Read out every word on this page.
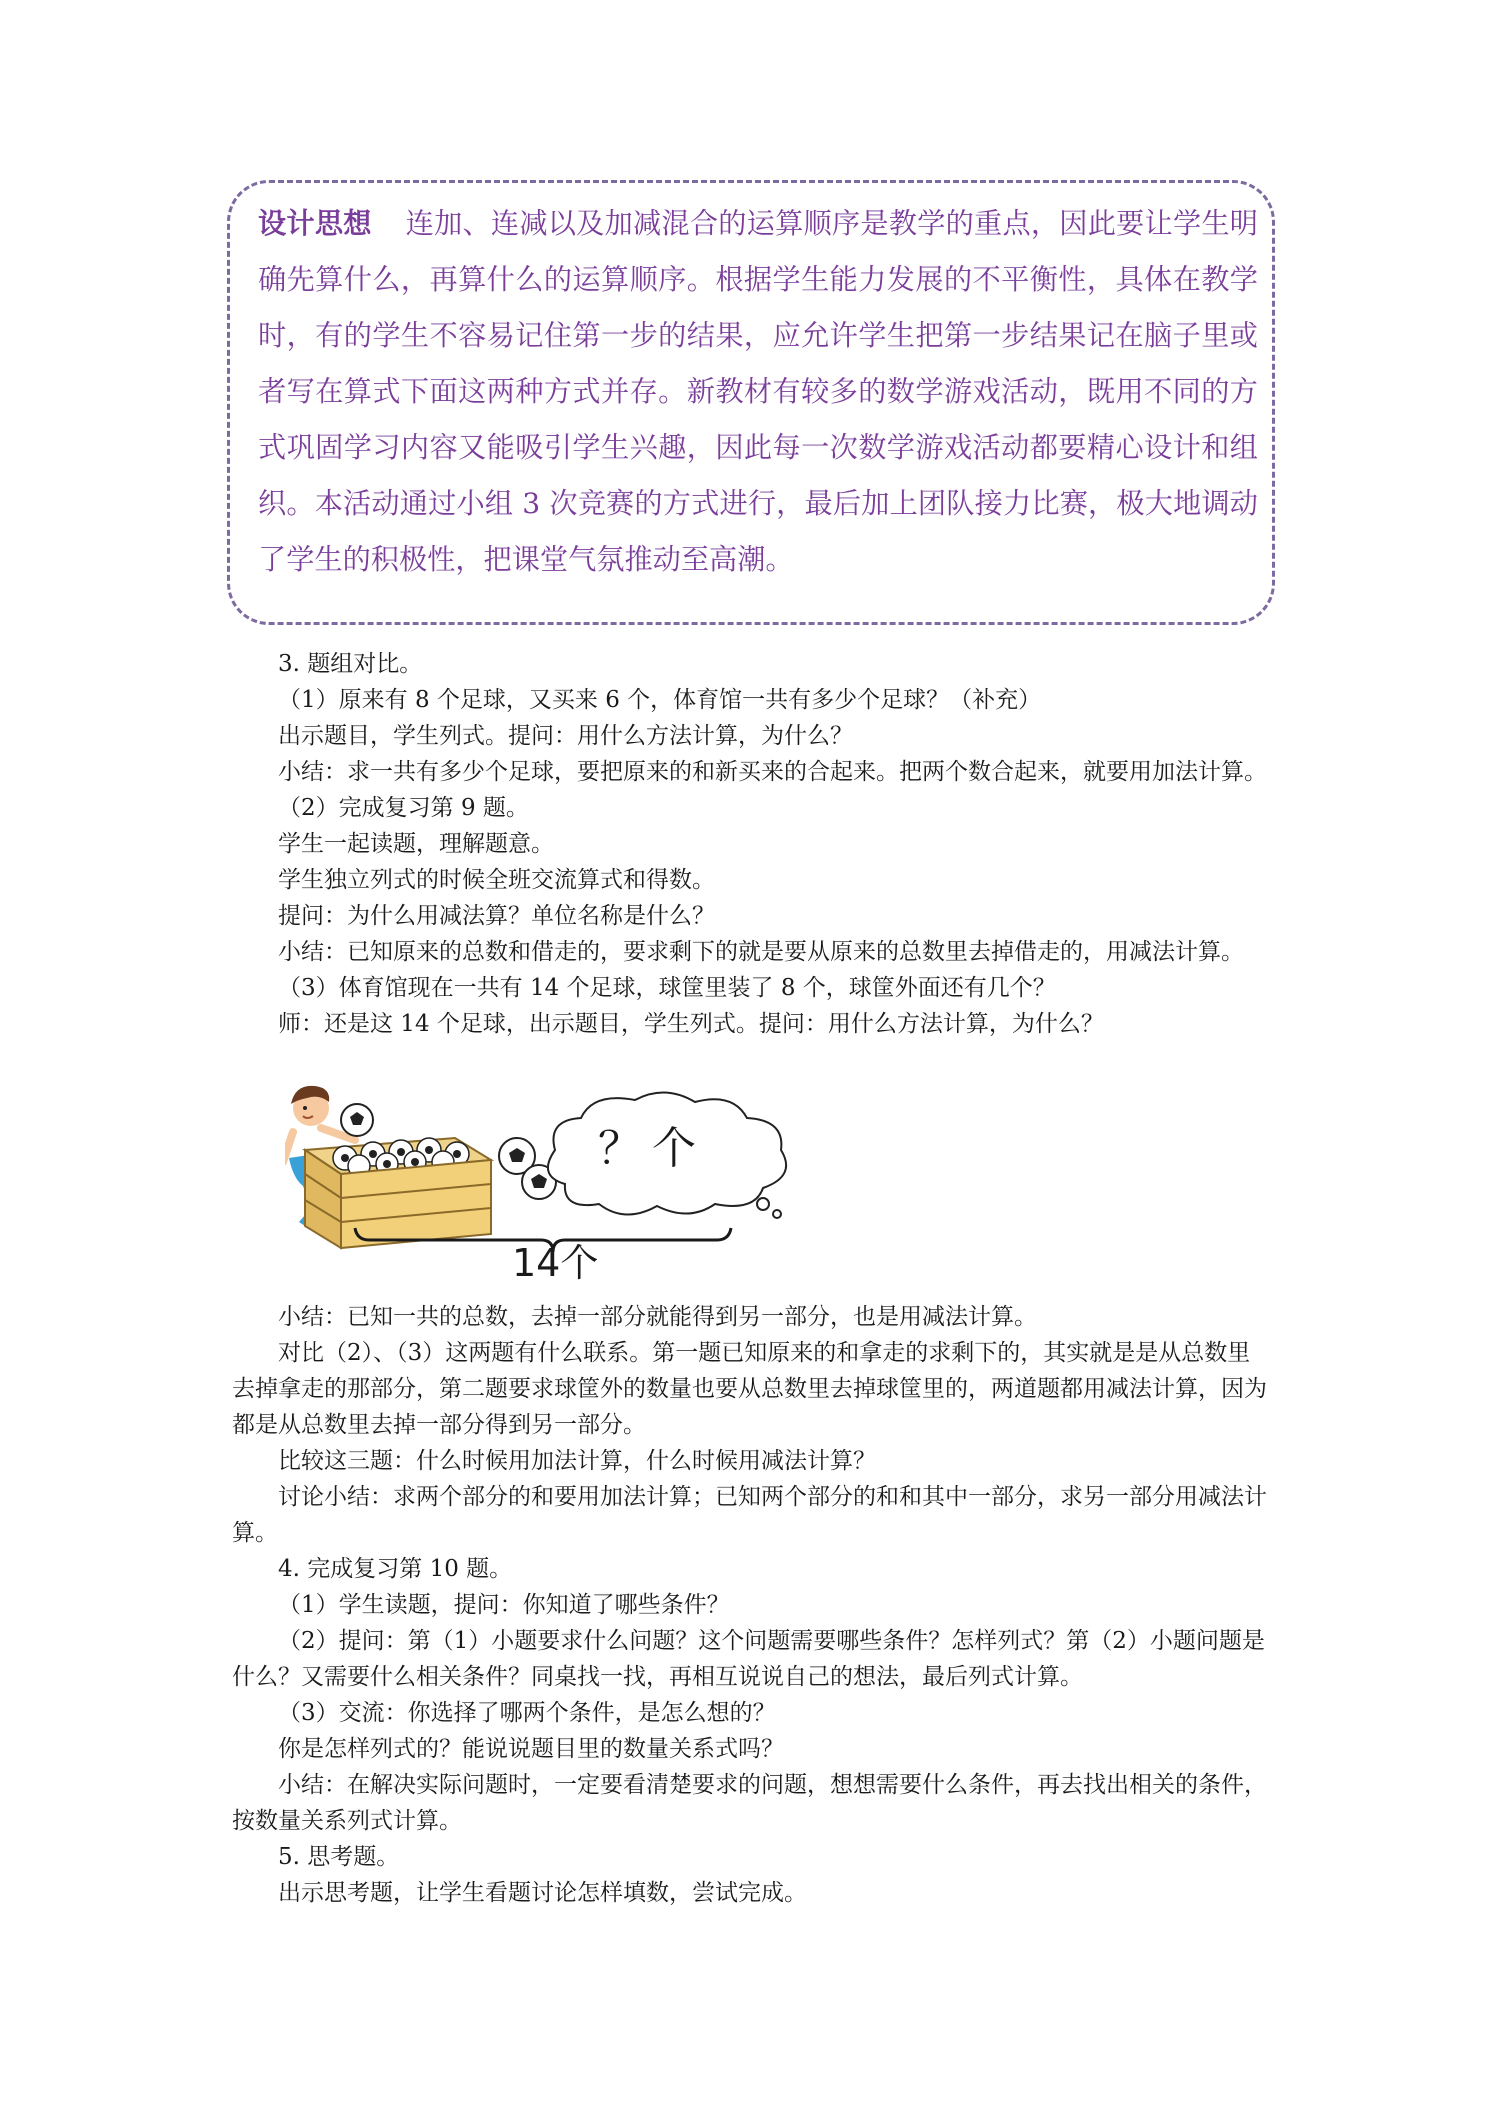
设计思想 连加、连减以及加减混合的运算顺序是教学的重点，因此要让学生明确先算什么，再算什么的运算顺序。根据学生能力发展的不平衡性，具体在教学时，有的学生不容易记住第一步的结果，应允许学生把第一步结果记在脑子里或者写在算式下面这两种方式并存。新教材有较多的数学游戏活动，既用不同的方式巩固学习内容又能吸引学生兴趣，因此每一次数学游戏活动都要精心设计和组织。本活动通过小组 3 次竞赛的方式进行，最后加上团队接力比赛，极大地调动了学生的积极性，把课堂气氛推动至高潮。

3. 题组对比。

（1）原来有 8 个足球，又买来 6 个，体育馆一共有多少个足球？（补充）

出示题目，学生列式。提问：用什么方法计算，为什么？

小结：求一共有多少个足球，要把原来的和新买来的合起来。把两个数合起来，就要用加法计算。

（2）完成复习第 9 题。

学生一起读题，理解题意。

学生独立列式的时候全班交流算式和得数。

提问：为什么用减法算？单位名称是什么？

小结：已知原来的总数和借走的，要求剩下的就是要从原来的总数里去掉借走的，用减法计算。

（3）体育馆现在一共有 14 个足球，球筐里装了 8 个，球筐外面还有几个？

师：还是这 14 个足球，出示题目，学生列式。提问：用什么方法计算，为什么？

？个
14个

小结：已知一共的总数，去掉一部分就能得到另一部分，也是用减法计算。

对比（2）、（3）这两题有什么联系。第一题已知原来的和拿走的求剩下的，其实就是是从总数里去掉拿走的那部分，第二题要求球筐外的数量也要从总数里去掉球筐里的，两道题都用减法计算，因为都是从总数里去掉一部分得到另一部分。

比较这三题：什么时候用加法计算，什么时候用减法计算？

讨论小结：求两个部分的和要用加法计算；已知两个部分的和和其中一部分，求另一部分用减法计算。

4. 完成复习第 10 题。

（1）学生读题，提问：你知道了哪些条件？

（2）提问：第（1）小题要求什么问题？这个问题需要哪些条件？怎样列式？第（2）小题问题是什么？又需要什么相关条件？同桌找一找，再相互说说自己的想法，最后列式计算。

（3）交流：你选择了哪两个条件，是怎么想的？

你是怎样列式的？能说说题目里的数量关系式吗？

小结：在解决实际问题时，一定要看清楚要求的问题，想想需要什么条件，再去找出相关的条件，按数量关系列式计算。

5. 思考题。

出示思考题，让学生看题讨论怎样填数，尝试完成。
